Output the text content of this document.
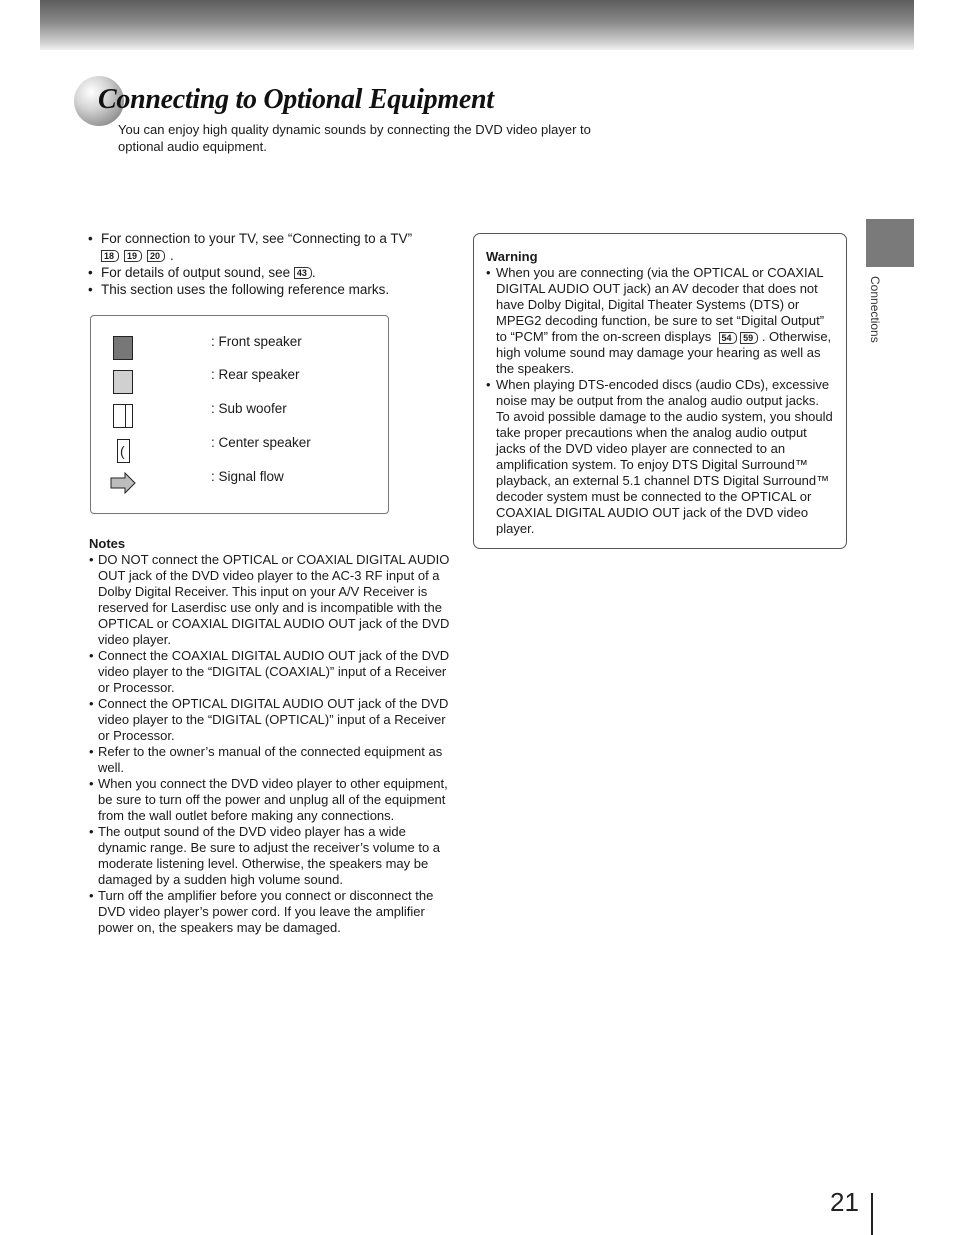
Connecting to Optional Equipment

You can enjoy high quality dynamic sounds by connecting the DVD video player to optional audio equipment.

Connections
• For connection to your TV, see “Connecting to a TV”
18	19	20 .
• For details of output sound, see 43 .
• This section uses the following reference marks.
: Front speaker
: Rear speaker
: Sub woofer
(
: Center speaker
: Signal flow
Notes
• DO NOT connect the OPTICAL or COAXIAL DIGITAL AUDIO OUT jack of the DVD video player to the AC-3 RF input of a Dolby Digital Receiver. This input on your A/V Receiver is reserved for Laserdisc use only and is incompatible with the OPTICAL or COAXIAL DIGITAL AUDIO OUT jack of the DVD video player.
• Connect the COAXIAL DIGITAL AUDIO OUT jack of the DVD video player to the “DIGITAL (COAXIAL)” input of a Receiver or Processor.
• Connect the OPTICAL DIGITAL AUDIO OUT jack of the DVD video player to the “DIGITAL (OPTICAL)” input of a Receiver or Processor.
• Refer to the owner’s manual of the connected equipment as well.
• When you connect the DVD video player to other equipment, be sure to turn off the power and unplug all of the equipment from the wall outlet before making any connections.
• The output sound of the DVD video player has a wide dynamic range. Be sure to adjust the receiver’s volume to a moderate listening level. Otherwise, the speakers may be damaged by a sudden high volume sound.
• Turn off the amplifier before you connect or disconnect the DVD video player’s power cord. If you leave the amplifier power on, the speakers may be damaged.
Warning
• When you are connecting (via the OPTICAL or COAXIAL DIGITAL AUDIO OUT jack) an AV decoder that does not have Dolby Digital, Digital Theater Systems (DTS) or MPEG2 decoding function, be sure to set “Digital Output” to “PCM” from the on-screen displays 54 59 . Otherwise, high volume sound may damage your hearing as well as the speakers.
• When playing DTS-encoded discs (audio CDs), excessive noise may be output from the analog audio output jacks. To avoid possible damage to the audio system, you should take proper precautions when the analog audio output jacks of the DVD video player are connected to an amplification system. To enjoy DTS Digital Surround™ playback, an external 5.1 channel DTS Digital Surround™ decoder system must be connected to the OPTICAL or COAXIAL DIGITAL AUDIO OUT jack of the DVD video player.
21
